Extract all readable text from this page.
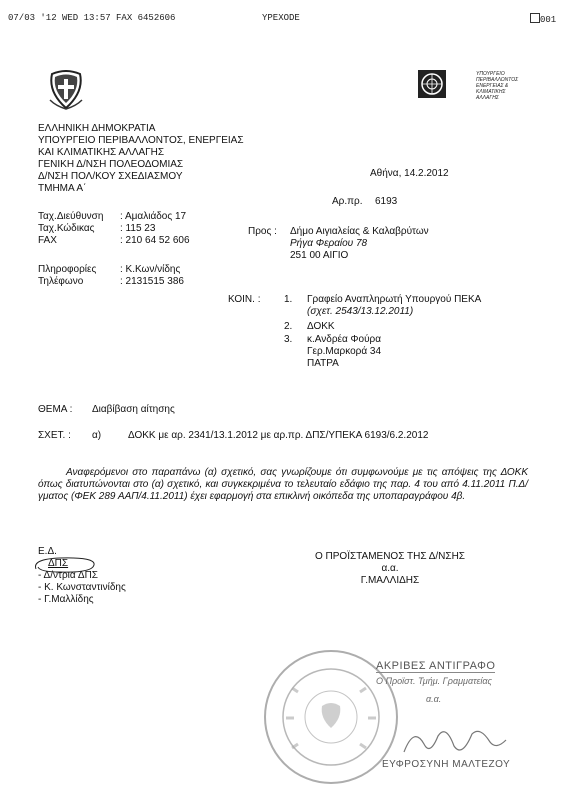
07/03 '12 WED 13:57 FAX 6452606	ΥΡΕΧΟDΕ	001
ΥΠΟΥΡΓΕΙΟ
ΠΕΡΙΒΑΛΛΟΝΤΟΣ
ΕΝΕΡΓΕΙΑΣ &
ΚΛΙΜΑΤΙΚΗΣ
ΑΛΛΑΓΗΣ
ΕΛΛΗΝΙΚΗ ΔΗΜΟΚΡΑΤΙΑ
ΥΠΟΥΡΓΕΙΟ ΠΕΡΙΒΑΛΛΟΝΤΟΣ, ΕΝΕΡΓΕΙΑΣ
ΚΑΙ ΚΛΙΜΑΤΙΚΗΣ ΑΛΛΑΓΗΣ
ΓΕΝΙΚΗ Δ/ΝΣΗ ΠΟΛΕΟΔΟΜΙΑΣ
Δ/ΝΣΗ ΠΟΛ/ΚΟΥ ΣΧΕΔΙΑΣΜΟΥ
ΤΜΗΜΑ Α΄
Αθήνα, 14.2.2012
Αρ.πρ. 6193
Ταχ.Διεύθυνση : Αμαλιάδος 17
Ταχ.Κώδικας	: 115 23
FAX	: 210 64 52 606
Πληροφορίες : Κ.Κων/νίδης
Τηλέφωνο	: 2131515 386
Προς : Δήμο Αιγιαλείας & Καλαβρύτων
Ρήγα Φεραίου 78
251 00 ΑΙΓΙΟ
ΚΟΙΝ. : 1. Γραφείο Αναπληρωτή Υπουργού ΠΕΚΑ
(σχετ. 2543/13.12.2011)
2. ΔΟΚΚ
3. κ.Ανδρέα Φούρα
Γερ.Μαρκορά 34
ΠΑΤΡΑ
ΘΕΜΑ : Διαβίβαση αίτησης
ΣΧΕΤ. : α)	ΔΟΚΚ με αρ. 2341/13.1.2012 με αρ.πρ. ΔΠΣ/ΥΠΕΚΑ 6193/6.2.2012
Αναφερόμενοι στο παραπάνω (α) σχετικό, σας γνωρίζουμε ότι συμφωνούμε με τις απόψεις της ΔΟΚΚ όπως διατυπώνονται στο (α) σχετικό, και συγκεκριμένα το τελευταίο εδάφιο της παρ. 4 του από 4.11.2011 Π.Δ/γματος (ΦΕΚ 289 ΑΑΠ/4.11.2011) έχει εφαρμογή στα επικλινή οικόπεδα της υποπαραγράφου 4β.
Ε.Δ.
ΔΠΣ
- Δ/ντρια ΔΠΣ
- Κ. Κωνσταντινίδης
- Γ.Μαλλίδης
Ο ΠΡΟΪΣΤΑΜΕΝΟΣ ΤΗΣ Δ/ΝΣΗΣ
α.α.
Γ.ΜΑΛΛΙΔΗΣ
ΑΚΡΙΒΕΣ ΑΝΤΙΓΡΑΦΟ
Ο Προϊστ. Τμήμ. Γραμματείας
α.α.
ΕΥΦΡΟΣΥΝΗ ΜΑΛΤΕΖΟΥ
